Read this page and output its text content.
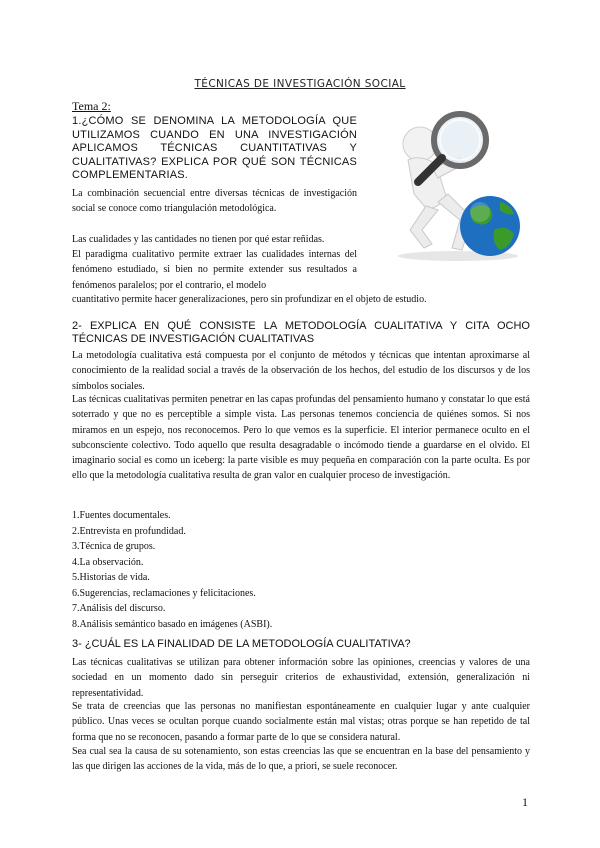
TÉCNICAS DE INVESTIGACIÓN SOCIAL
Tema 2:
1.¿CÓMO SE DENOMINA LA METODOLOGÍA QUE UTILIZAMOS CUANDO EN UNA INVESTIGACIÓN APLICAMOS TÉCNICAS CUANTITATIVAS Y CUALITATIVAS? EXPLICA POR QUÉ SON TÉCNICAS COMPLEMENTARIAS.
La combinación secuencial entre diversas técnicas de investigación social se conoce como triangulación metodológica.
Las cualidades y las cantidades no tienen por qué estar reñidas.
El paradigma cualitativo permite extraer las cualidades internas del fenómeno estudiado, si bien no permite extender sus resultados a fenómenos paralelos; por el contrario, el modelo
cuantitativo permite hacer generalizaciones, pero sin profundizar en el objeto de estudio.
2- EXPLICA EN QUÉ CONSISTE LA METODOLOGÍA CUALITATIVA Y CITA OCHO TÉCNICAS DE INVESTIGACIÓN CUALITATIVAS
La metodología cualitativa está compuesta por el conjunto de métodos y técnicas que intentan aproximarse al conocimiento de la realidad social a través de la observación de los hechos, del estudio de los discursos y de los símbolos sociales.
Las técnicas cualitativas permiten penetrar en las capas profundas del pensamiento humano y constatar lo que está soterrado y que no es perceptible a simple vista. Las personas tenemos conciencia de quiénes somos. Si nos miramos en un espejo, nos reconocemos. Pero lo que vemos es la superficie. El interior permanece oculto en el subconsciente colectivo. Todo aquello que resulta desagradable o incómodo tiende a guardarse en el olvido. El imaginario social es como un iceberg: la parte visible es muy pequeña en comparación con la parte oculta. Es por ello que la metodología cualitativa resulta de gran valor en cualquier proceso de investigación.
1.Fuentes documentales.
2.Entrevista en profundidad.
3.Técnica de grupos.
4.La observación.
5.Historias de vida.
6.Sugerencias, reclamaciones y felicitaciones.
7.Análisis del discurso.
8.Análisis semántico basado en imágenes (ASBI).
3- ¿CUÁL ES LA FINALIDAD DE LA METODOLOGÍA CUALITATIVA?
Las técnicas cualitativas se utilizan para obtener información sobre las opiniones, creencias y valores de una sociedad en un momento dado sin perseguir criterios de exhaustividad, extensión, generalización ni representatividad.
Se trata de creencias que las personas no manifiestan espontáneamente en cualquier lugar y ante cualquier público. Unas veces se ocultan porque cuando socialmente están mal vistas; otras porque se han repetido de tal forma que no se reconocen, pasando a formar parte de lo que se considera natural.
Sea cual sea la causa de su sotenamiento, son estas creencias las que se encuentran en la base del pensamiento y las que dirigen las acciones de la vida, más de lo que, a priori, se suele reconocer.
1
